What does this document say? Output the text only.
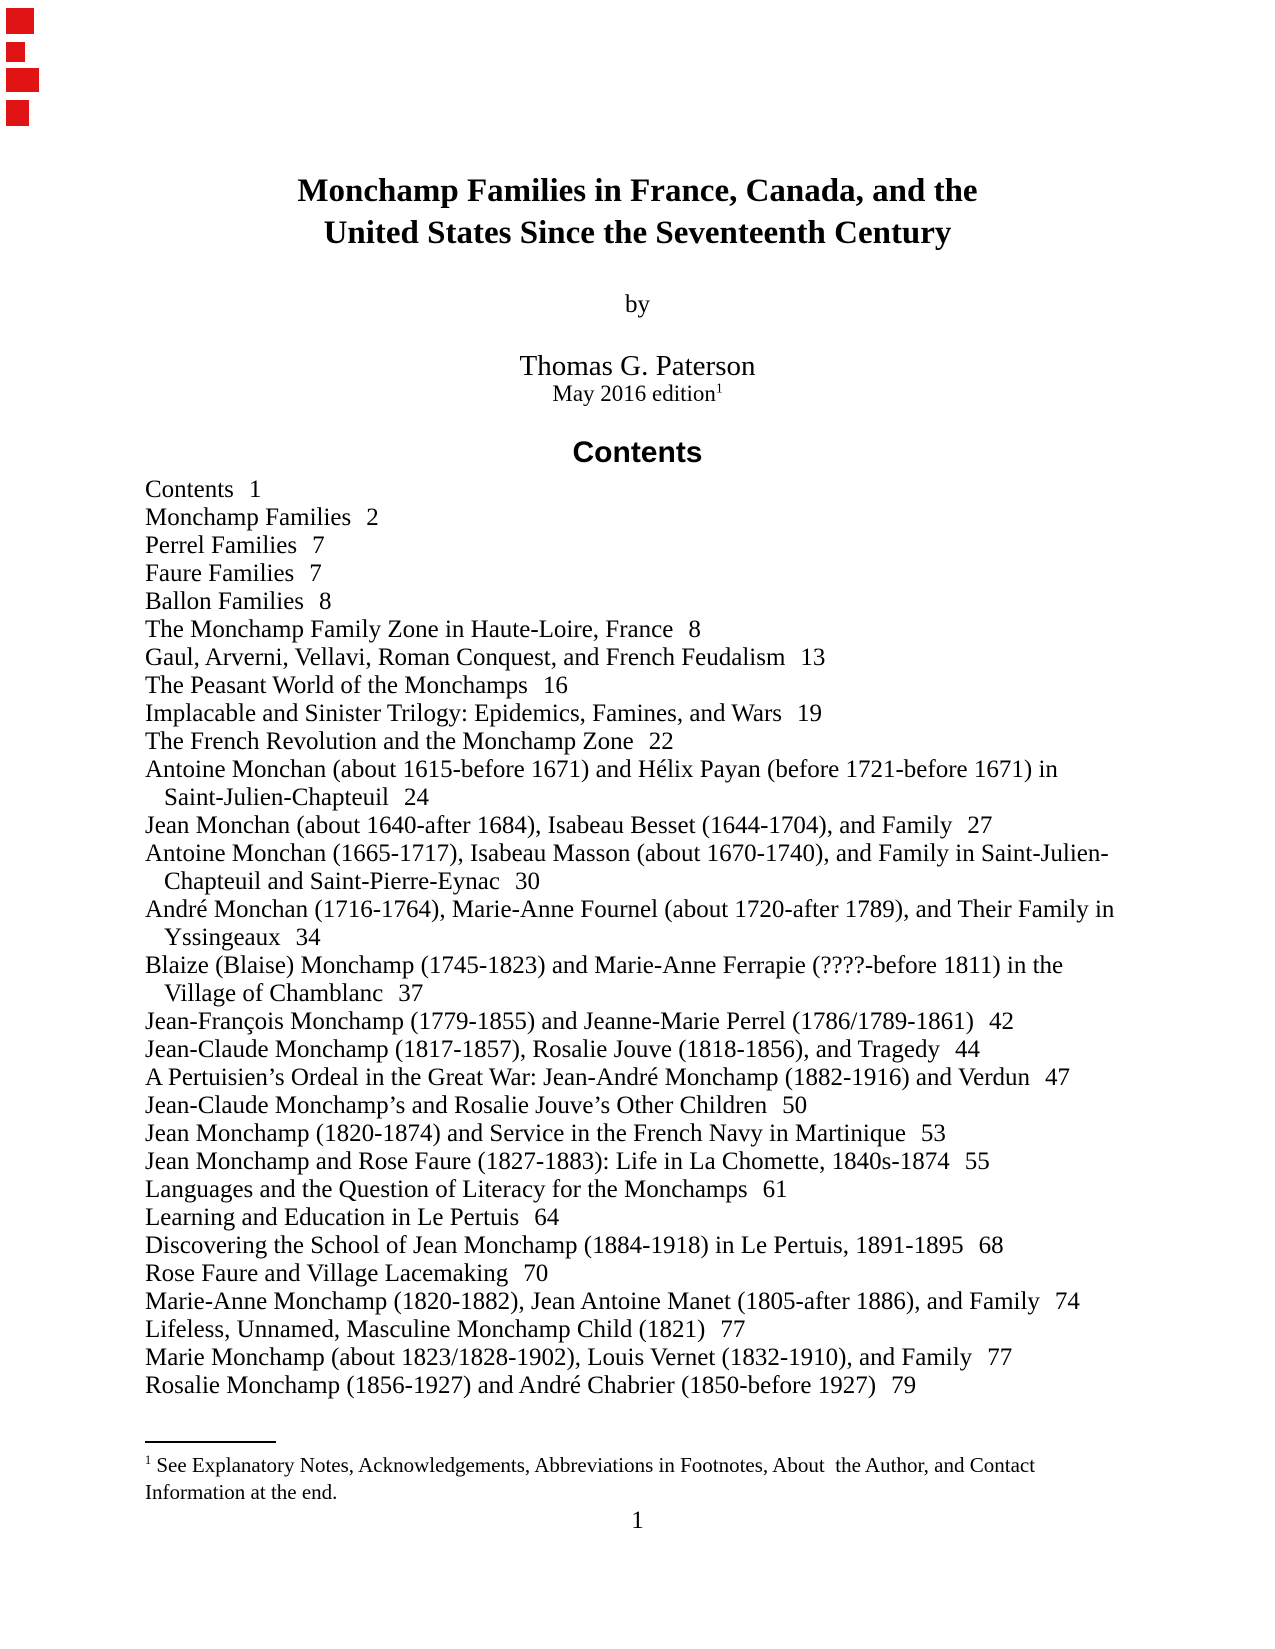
Monchamp Families in France, Canada, and the
United States Since the Seventeenth Century
by
Thomas G. Paterson
May 2016 edition$^1$
Contents
Contents 1
Monchamp Families 2
Perrel Families 7
Faure Families 7
Ballon Families 8
The Monchamp Family Zone in Haute-Loire, France 8
Gaul, Arverni, Vellavi, Roman Conquest, and French Feudalism 13
The Peasant World of the Monchamps 16
Implacable and Sinister Trilogy: Epidemics, Famines, and Wars 19
The French Revolution and the Monchamp Zone 22
Antoine Monchan (about 1615-before 1671) and Hélix Payan (before 1721-before 1671) in
Saint-Julien-Chapteuil 24
Jean Monchan (about 1640-after 1684), Isabeau Besset (1644-1704), and Family 27
Antoine Monchan (1665-1717), Isabeau Masson (about 1670-1740), and Family in Saint-Julien-
Chapteuil and Saint-Pierre-Eynac 30
André Monchan (1716-1764), Marie-Anne Fournel (about 1720-after 1789), and Their Family in
Yssingeaux 34
Blaize (Blaise) Monchamp (1745-1823) and Marie-Anne Ferrapie (????-before 1811) in the
Village of Chamblanc 37
Jean-François Monchamp (1779-1855) and Jeanne-Marie Perrel (1786/1789-1861) 42
Jean-Claude Monchamp (1817-1857), Rosalie Jouve (1818-1856), and Tragedy 44
A Pertuisien’s Ordeal in the Great War: Jean-André Monchamp (1882-1916) and Verdun 47
Jean-Claude Monchamp’s and Rosalie Jouve’s Other Children 50
Jean Monchamp (1820-1874) and Service in the French Navy in Martinique 53
Jean Monchamp and Rose Faure (1827-1883): Life in La Chomette, 1840s-1874 55
Languages and the Question of Literacy for the Monchamps 61
Learning and Education in Le Pertuis 64
Discovering the School of Jean Monchamp (1884-1918) in Le Pertuis, 1891-1895 68
Rose Faure and Village Lacemaking 70
Marie-Anne Monchamp (1820-1882), Jean Antoine Manet (1805-after 1886), and Family 74
Lifeless, Unnamed, Masculine Monchamp Child (1821) 77
Marie Monchamp (about 1823/1828-1902), Louis Vernet (1832-1910), and Family 77
Rosalie Monchamp (1856-1927) and André Chabrier (1850-before 1927) 79
$^1$ See Explanatory Notes, Acknowledgements, Abbreviations in Footnotes, About  the Author, and Contact
Information at the end.
1
